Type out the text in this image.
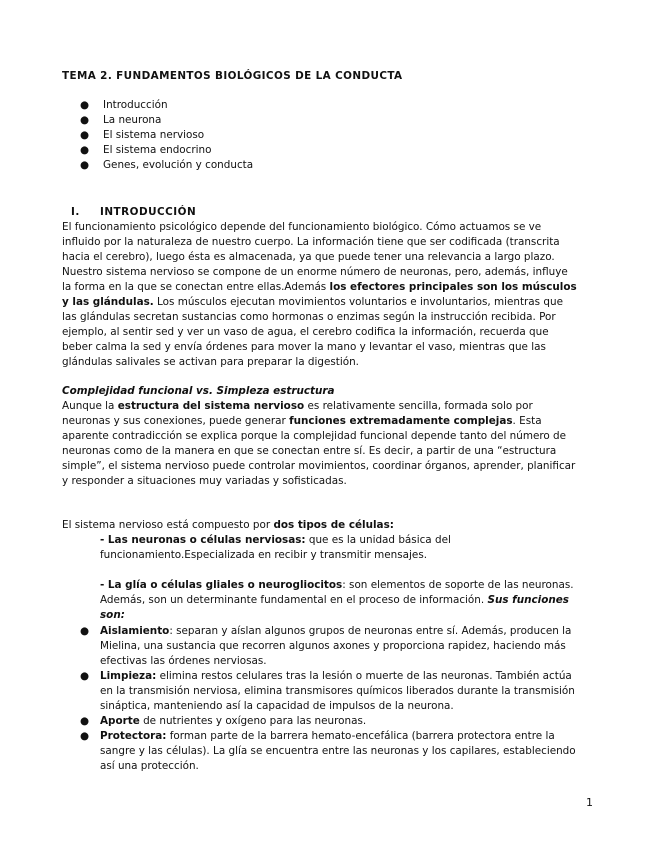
TEMA 2. FUNDAMENTOS BIOLÓGICOS DE LA CONDUCTA
● Introducción
● La neurona
● El sistema nervioso
● El sistema endocrino
● Genes, evolución y conducta
I. INTRODUCCIÓN
El funcionamiento psicológico depende del funcionamiento biológico. Cómo actuamos se ve
influido por la naturaleza de nuestro cuerpo. La información tiene que ser codificada (transcrita
hacia el cerebro), luego ésta es almacenada, ya que puede tener una relevancia a largo plazo.
Nuestro sistema nervioso se compone de un enorme número de neuronas, pero, además, influye
la forma en la que se conectan entre ellas.Además los efectores principales son los músculos
y las glándulas. Los músculos ejecutan movimientos voluntarios e involuntarios, mientras que
las glándulas secretan sustancias como hormonas o enzimas según la instrucción recibida. Por
ejemplo, al sentir sed y ver un vaso de agua, el cerebro codifica la información, recuerda que
beber calma la sed y envía órdenes para mover la mano y levantar el vaso, mientras que las
glándulas salivales se activan para preparar la digestión.
Complejidad funcional vs. Simpleza estructura
Aunque la estructura del sistema nervioso es relativamente sencilla, formada solo por
neuronas y sus conexiones, puede generar funciones extremadamente complejas. Esta
aparente contradicción se explica porque la complejidad funcional depende tanto del número de
neuronas como de la manera en que se conectan entre sí. Es decir, a partir de una “estructura
simple”, el sistema nervioso puede controlar movimientos, coordinar órganos, aprender, planificar
y responder a situaciones muy variadas y sofisticadas.
El sistema nervioso está compuesto por dos tipos de células:
- Las neuronas o células nerviosas: que es la unidad básica del
funcionamiento.Especializada en recibir y transmitir mensajes.
- La glía o células gliales o neurogliocitos: son elementos de soporte de las neuronas.
Además, son un determinante fundamental en el proceso de información. Sus funciones
son:
● Aislamiento: separan y aíslan algunos grupos de neuronas entre sí. Además, producen la
Mielina, una sustancia que recorren algunos axones y proporciona rapidez, haciendo más
efectivas las órdenes nerviosas.
● Limpieza: elimina restos celulares tras la lesión o muerte de las neuronas. También actúa
en la transmisión nerviosa, elimina transmisores químicos liberados durante la transmisión
sináptica, manteniendo así la capacidad de impulsos de la neurona.
● Aporte de nutrientes y oxígeno para las neuronas.
● Protectora: forman parte de la barrera hemato-encefálica (barrera protectora entre la
sangre y las células). La glía se encuentra entre las neuronas y los capilares, estableciendo
así una protección.
1
